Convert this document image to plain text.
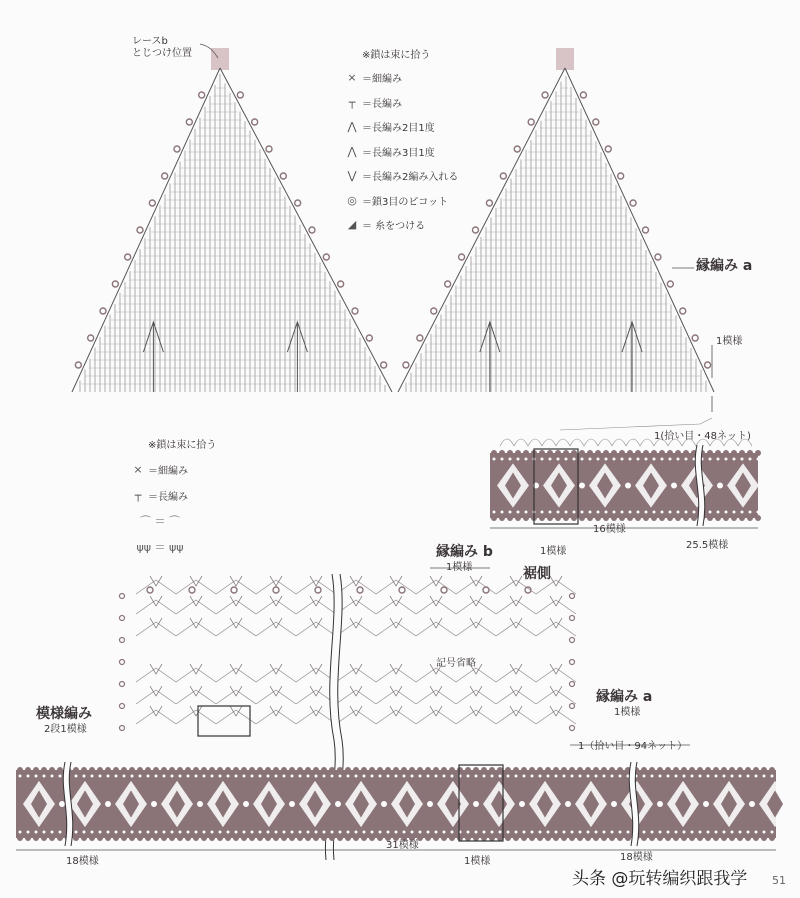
レースb
とじつけ位置	※鎖は束に拾う
× ＝細編み
┬ ＝長編み
⋀ ＝長編み2目1度
⋀ ＝長編み3目1度
⋁ ＝長編み2編み入れる
◎ ＝鎖3目のピコット
◢ ＝ 糸をつける
縁編み a
1模様
1(拾い目・48ネット)
16模様
1模様
25.5模様
※鎖は束に拾う
× ＝細編み
┬ ＝長編み
⌒ ＝ ⌒
ψψ ＝ ψψ	縁編み b
1模様	裾側
記号省略
模様編み
2段1模様
縁編み a
1模様
1（拾い目・94ネット）
18模様
31模様
1模様	18模様
头条 @玩转编织跟我学 51
